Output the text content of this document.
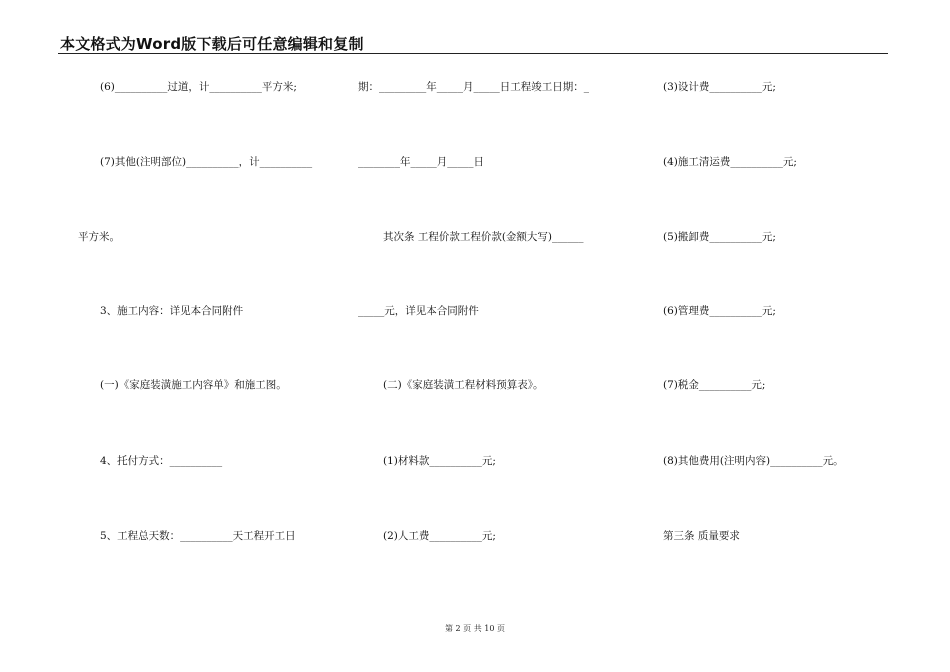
本文格式为Word版下载后可任意编辑和复制
(6)__________过道，计__________平方米;
(7)其他(注明部位)__________，计__________
平方米。
3、施工内容：详见本合同附件
(一)《家庭装潢施工内容单》和施工图。
4、托付方式：__________
5、工程总天数：__________天工程开工日
期：_________年_____月_____日工程竣工日期：_
________年_____月_____日
其次条 工程价款工程价款(金额大写)______
_____元，详见本合同附件
(二)《家庭装潢工程材料预算表》。
(1)材料款__________元;
(2)人工费__________元;
(3)设计费__________元;
(4)施工清运费__________元;
(5)搬卸费__________元;
(6)管理费__________元;
(7)税金__________元;
(8)其他费用(注明内容)__________元。
第三条 质量要求
第 2 页 共 10 页
